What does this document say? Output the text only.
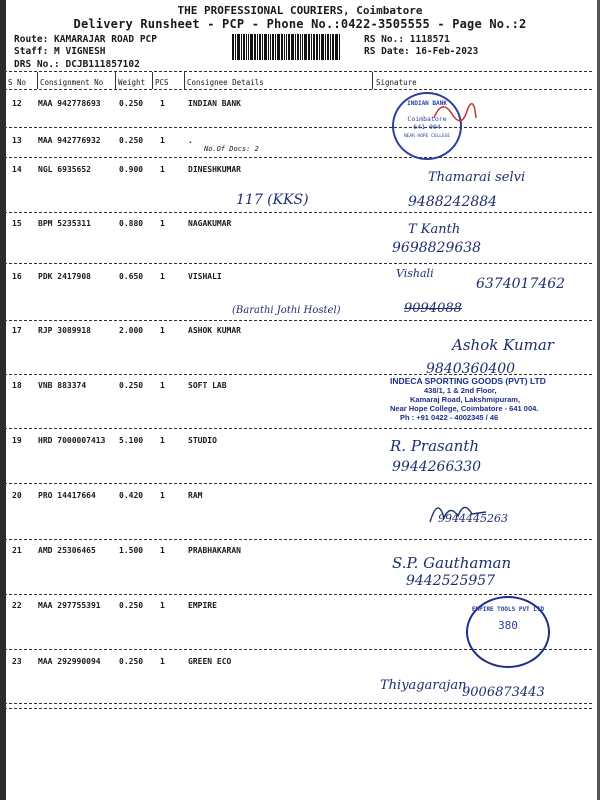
THE PROFESSIONAL COURIERS, Coimbatore
Delivery Runsheet - PCP - Phone No.:0422-3505555 - Page No.:2
Route: KAMARAJAR ROAD PCP
Staff: M VIGNESH
DRS No.: DCJB111857102
RS No.: 1118571
RS Date: 16-Feb-2023
S No Consignment No Weight PCS Consignee Details	Signature
12 MAA 942778693 0.250 1	INDIAN BANK
13 MAA 942776932 0.250 1	.
No.Of Docs: 2
14 NGL 6935652	0.900 1	DINESHKUMAR
15 BPM 5235311	0.880 1	NAGAKUMAR
16 PDK 2417908	0.650 1	VISHALI
17 RJP 3089918	2.000 1	ASHOK KUMAR
18 VNB 883374	0.250 1	SOFT LAB
19 HRD 7000007413 5.100 1	STUDIO
20 PRO 14417664	0.420 1	RAM
21 AMD 25306465	1.500 1	PRABHAKARAN
22 MAA 297755391 0.250 1	EMPIRE
23 MAA 292990094 0.250 1	GREEN ECO
INDIAN BANK
Coimbatore
641 004
NEAR HOPE COLLEGE
117 (KKS)
Thamarai selvi
9488242884
T Kanth
9698829638
Vishali
6374017462
9094088
(Barathi Jothi Hostel)
Ashok Kumar
9840360400
R. Prasanth
9944266330
9944445263
S.P. Gauthaman
9442525957
Thiyagarajan
9006873443
INDECA SPORTING GOODS (PVT) LTD
438/1, 1 & 2nd Floor,
Kamaraj Road, Lakshmipuram,
Near Hope College, Coimbatore - 641 004.
Ph : +91 0422 - 4002345 / 46
EMPIRE TOOLS PVT LTD
380
